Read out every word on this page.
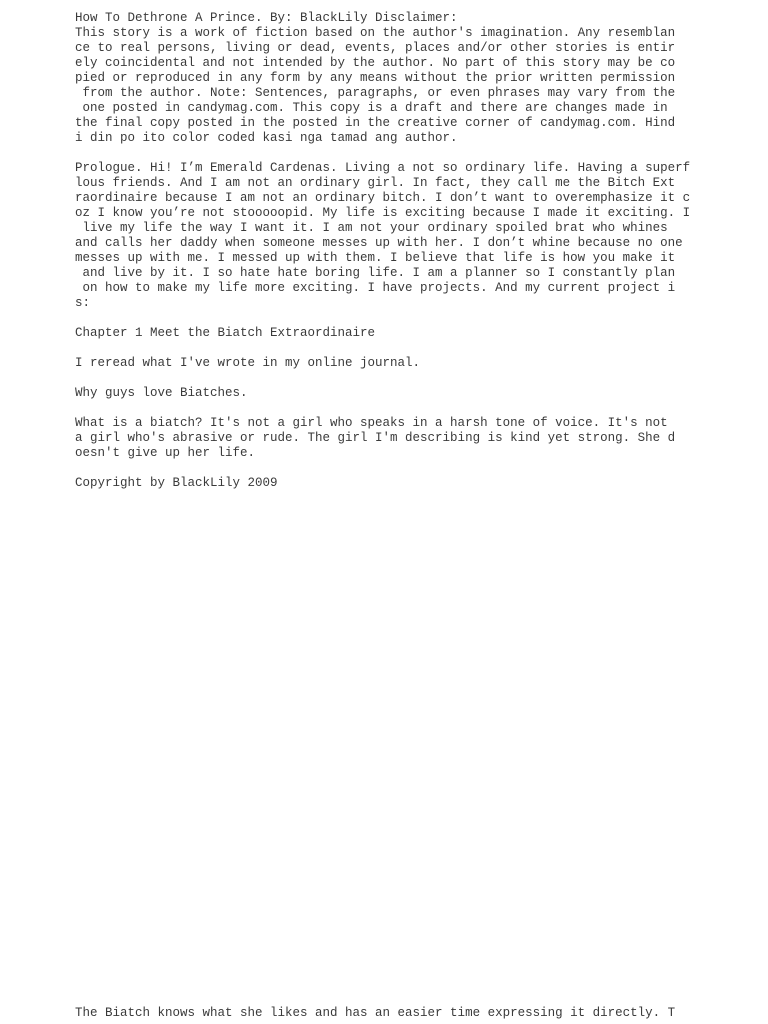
How To Dethrone A Prince. By: BlackLily Disclaimer:
This story is a work of fiction based on the author's imagination. Any resemblan
ce to real persons, living or dead, events, places and/or other stories is entir
ely coincidental and not intended by the author. No part of this story may be co
pied or reproduced in any form by any means without the prior written permission
from the author. Note: Sentences, paragraphs, or even phrases may vary from the
one posted in candymag.com. This copy is a draft and there are changes made in
the final copy posted in the posted in the creative corner of candymag.com. Hind
i din po ito color coded kasi nga tamad ang author.
Prologue. Hi! I’m Emerald Cardenas. Living a not so ordinary life. Having a superf
lous friends. And I am not an ordinary girl. In fact, they call me the Bitch Ext
raordinaire because I am not an ordinary bitch. I don’t want to overemphasize it c
oz I know you’re not stooooopid. My life is exciting because I made it exciting. I
live my life the way I want it. I am not your ordinary spoiled brat who whines
and calls her daddy when someone messes up with her. I don’t whine because no one
messes up with me. I messed up with them. I believe that life is how you make it
and live by it. I so hate hate boring life. I am a planner so I constantly plan
on how to make my life more exciting. I have projects. And my current project i
s:
Chapter 1 Meet the Biatch Extraordinaire
I reread what I've wrote in my online journal.
Why guys love Biatches.
What is a biatch? It's not a girl who speaks in a harsh tone of voice. It's not
a girl who's abrasive or rude. The girl I'm describing is kind yet strong. She d
oesn't give up her life.
Copyright by BlackLily 2009
The Biatch knows what she likes and has an easier time expressing it directly. T
